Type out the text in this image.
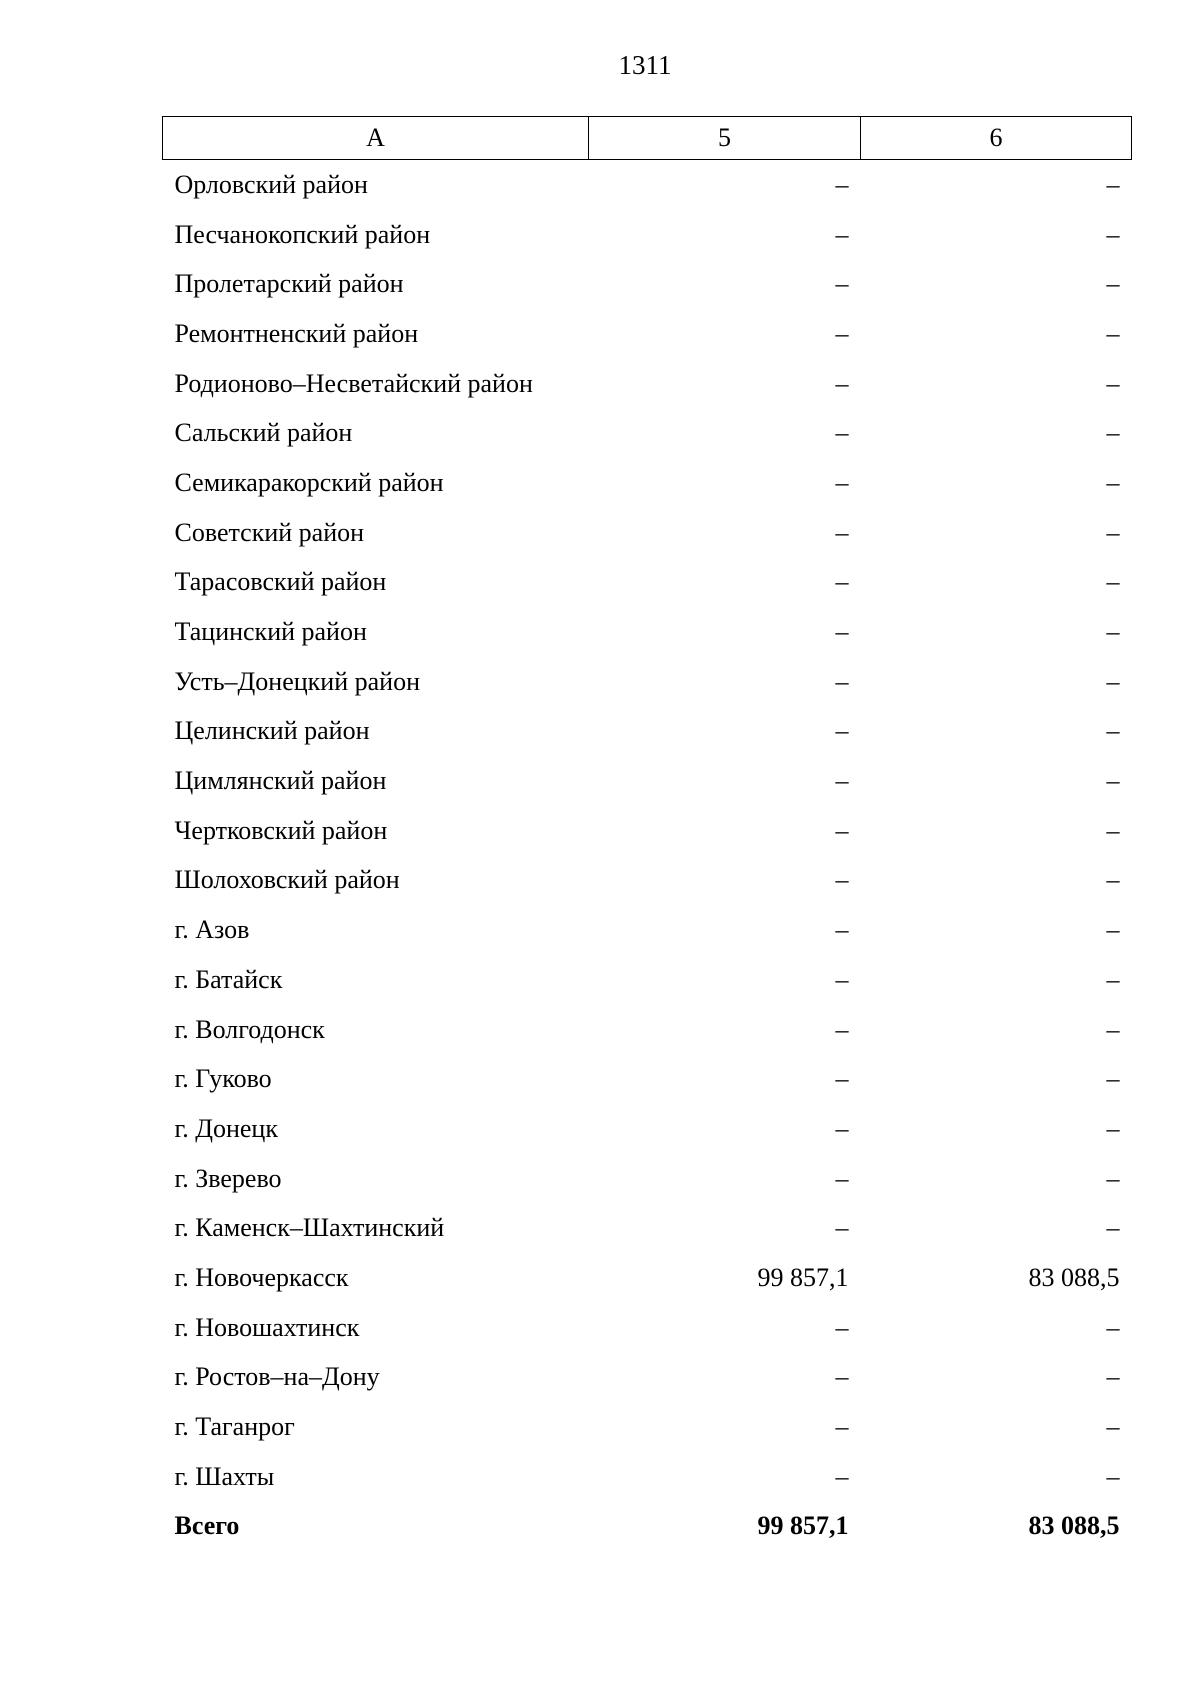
1311
А	5	6
Орловский район	–	–
Песчанокопский район	–	–
Пролетарский район	–	–
Ремонтненский район	–	–
Родионово–Несветайский район	–	–
Сальский район	–	–
Семикаракорский район	–	–
Советский район	–	–
Тарасовский район	–	–
Тацинский район	–	–
Усть–Донецкий район	–	–
Целинский район	–	–
Цимлянский район	–	–
Чертковский район	–	–
Шолоховский район	–	–
г. Азов	–	–
г. Батайск	–	–
г. Волгодонск	–	–
г. Гуково	–	–
г. Донецк	–	–
г. Зверево	–	–
г. Каменск–Шахтинский	–	–
г. Новочеркасск	99 857,1	83 088,5
г. Новошахтинск	–	–
г. Ростов–на–Дону	–	–
г. Таганрог	–	–
г. Шахты	–	–
Всего	99 857,1	83 088,5
